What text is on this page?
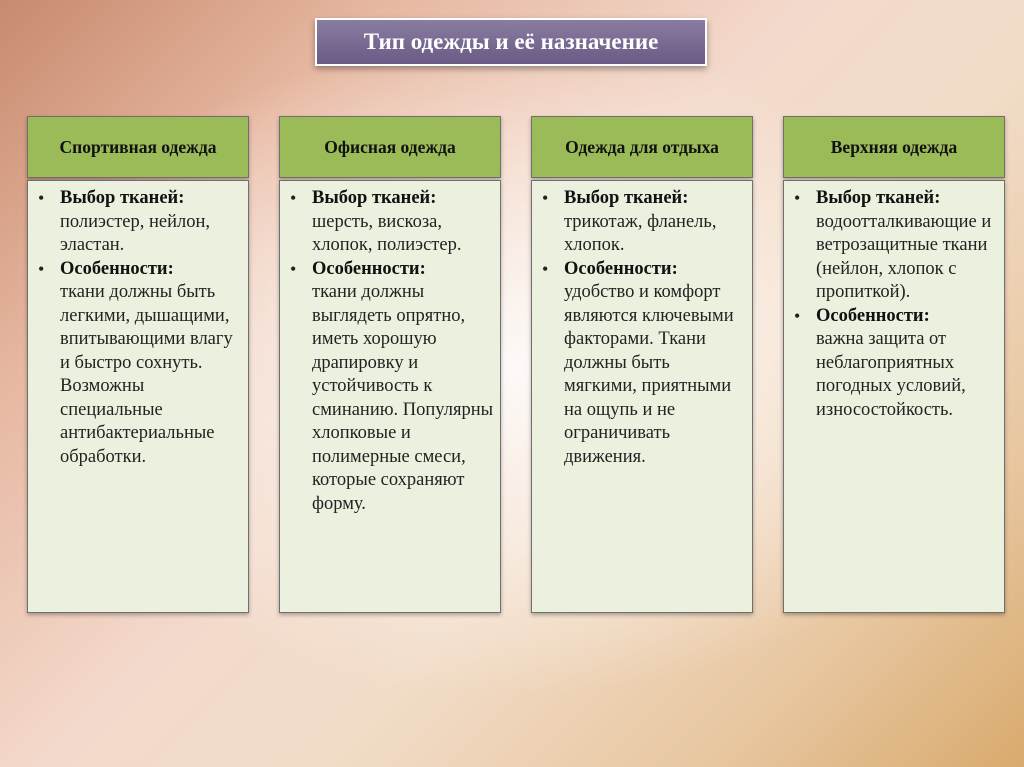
Тип одежды и её назначение
Спортивная одежда
• Выбор тканей:
полиэстер, нейлон, эластан.
• Особенности:
ткани должны быть легкими, дышащими, впитывающими влагу и быстро сохнуть. Возможны специальные антибактериальные обработки.
Офисная одежда
• Выбор тканей:
шерсть, вискоза, хлопок, полиэстер.
• Особенности:
ткани должны выглядеть опрятно, иметь хорошую драпировку и устойчивость к сминанию. Популярны хлопковые и полимерные смеси, которые сохраняют форму.
Одежда для отдыха
• Выбор тканей:
трикотаж, фланель, хлопок.
• Особенности:
удобство и комфорт являются ключевыми факторами. Ткани должны быть мягкими, приятными на ощупь и не ограничивать движения.
Верхняя одежда
• Выбор тканей:
водоотталкивающие и ветрозащитные ткани (нейлон, хлопок с пропиткой).
• Особенности:
важна защита от неблагоприятных погодных условий, износостойкость.
